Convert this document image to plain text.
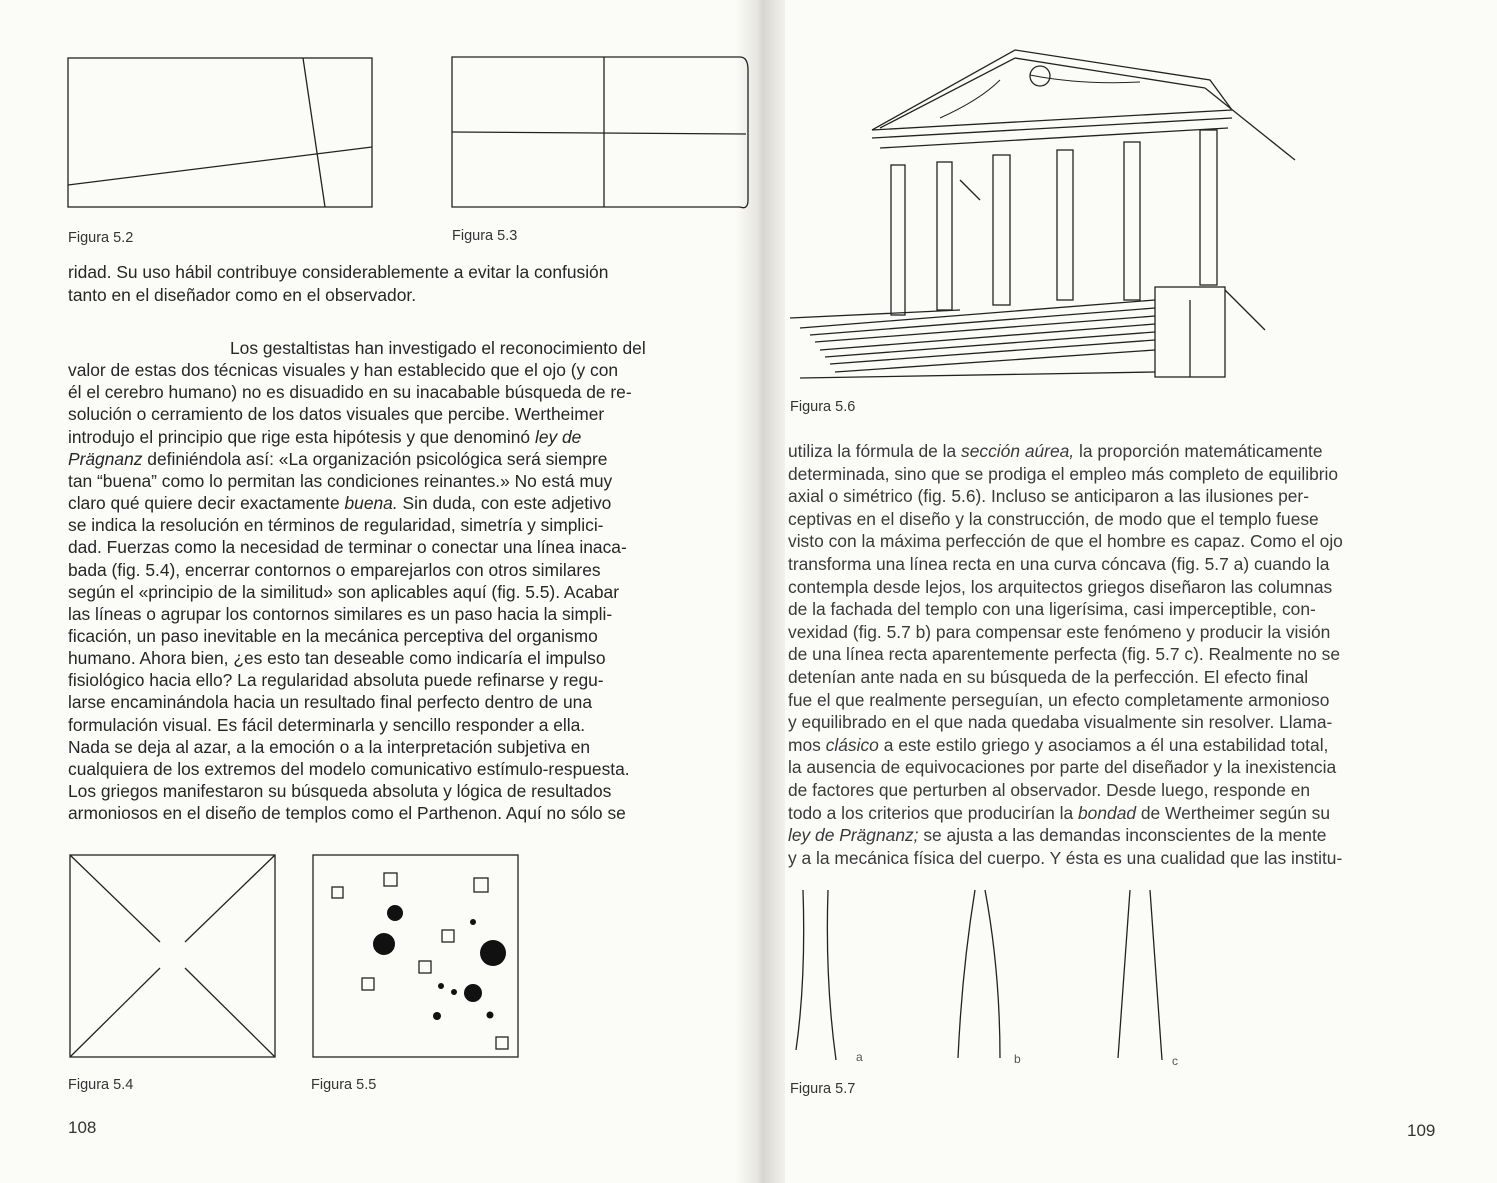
Figura 5.2	Figura 5.3
Figura 5.4	Figura 5.5
Figura 5.6
Figura 5.7
a	b	c
108	109
ridad. Su uso hábil contribuye considerablemente a evitar la confusión
tanto en el diseñador como en el observador.
Los gestaltistas han investigado el reconocimiento del
valor de estas dos técnicas visuales y han establecido que el ojo (y con
él el cerebro humano) no es disuadido en su inacabable búsqueda de re-
solución o cerramiento de los datos visuales que percibe. Wertheimer
introdujo el principio que rige esta hipótesis y que denominó ley de
Prägnanz definiéndola así: «La organización psicológica será siempre
tan “buena” como lo permitan las condiciones reinantes.» No está muy
claro qué quiere decir exactamente buena. Sin duda, con este adjetivo
se indica la resolución en términos de regularidad, simetría y simplici-
dad. Fuerzas como la necesidad de terminar o conectar una línea inaca-
bada (fig. 5.4), encerrar contornos o emparejarlos con otros similares
según el «principio de la similitud» son aplicables aquí (fig. 5.5). Acabar
las líneas o agrupar los contornos similares es un paso hacia la simpli-
ficación, un paso inevitable en la mecánica perceptiva del organismo
humano. Ahora bien, ¿es esto tan deseable como indicaría el impulso
fisiológico hacia ello? La regularidad absoluta puede refinarse y regu-
larse encaminándola hacia un resultado final perfecto dentro de una
formulación visual. Es fácil determinarla y sencillo responder a ella.
Nada se deja al azar, a la emoción o a la interpretación subjetiva en
cualquiera de los extremos del modelo comunicativo estímulo-respuesta.
Los griegos manifestaron su búsqueda absoluta y lógica de resultados
armoniosos en el diseño de templos como el Parthenon. Aquí no sólo se
utiliza la fórmula de la sección aúrea, la proporción matemáticamente
determinada, sino que se prodiga el empleo más completo de equilibrio
axial o simétrico (fig. 5.6). Incluso se anticiparon a las ilusiones per-
ceptivas en el diseño y la construcción, de modo que el templo fuese
visto con la máxima perfección de que el hombre es capaz. Como el ojo
transforma una línea recta en una curva cóncava (fig. 5.7 a) cuando la
contempla desde lejos, los arquitectos griegos diseñaron las columnas
de la fachada del templo con una ligerísima, casi imperceptible, con-
vexidad (fig. 5.7 b) para compensar este fenómeno y producir la visión
de una línea recta aparentemente perfecta (fig. 5.7 c). Realmente no se
detenían ante nada en su búsqueda de la perfección. El efecto final
fue el que realmente perseguían, un efecto completamente armonioso
y equilibrado en el que nada quedaba visualmente sin resolver. Llama-
mos clásico a este estilo griego y asociamos a él una estabilidad total,
la ausencia de equivocaciones por parte del diseñador y la inexistencia
de factores que perturben al observador. Desde luego, responde en
todo a los criterios que producirían la bondad de Wertheimer según su
ley de Prägnanz; se ajusta a las demandas inconscientes de la mente
y a la mecánica física del cuerpo. Y ésta es una cualidad que las institu-
